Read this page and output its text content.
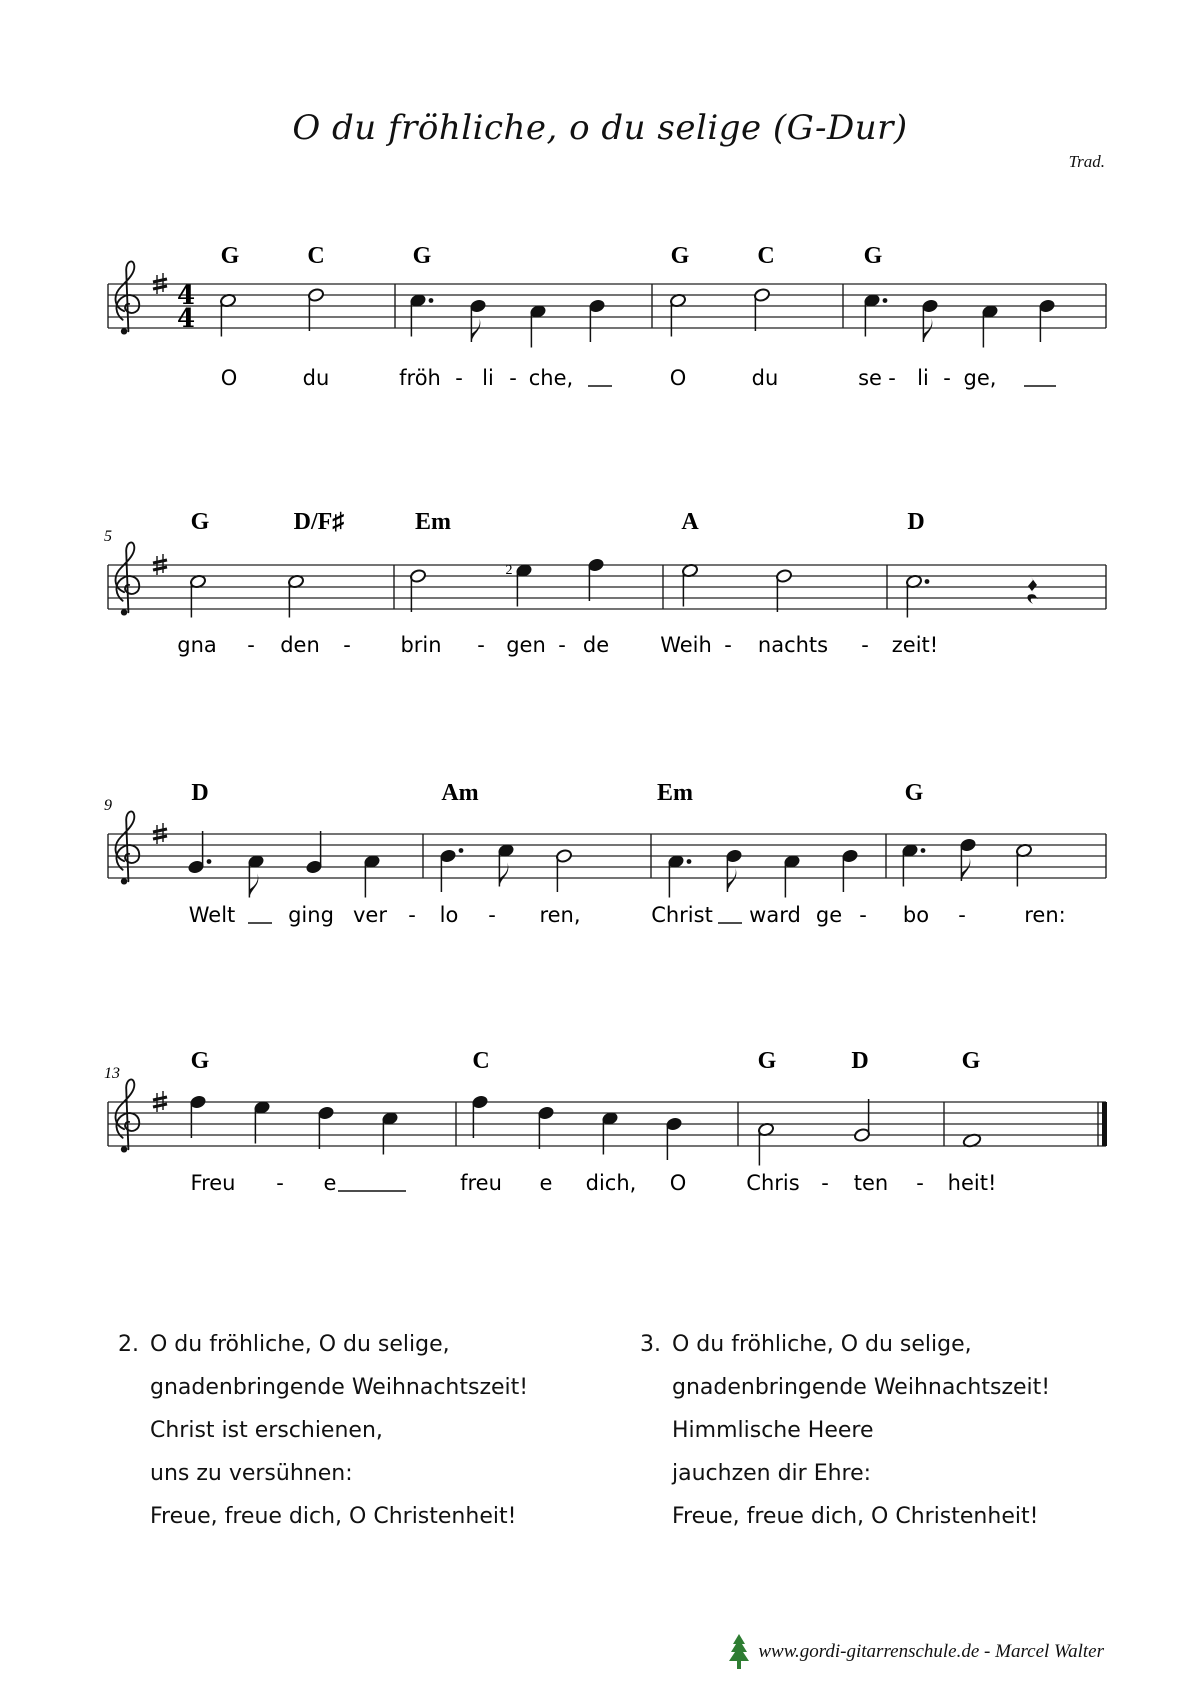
O du fröhliche, o du selige (G-Dur)
Trad.
4
4
G	C	G	G	C	G
O	du	fröh - li - che,	O	du	se - li - ge,
5
G	D/F♯	Em	A	D
gna - den - brin - gen - de Weih - nachts - zeit!
2
9	D	Am	Em	G
Welt	ging ver - lo - ren,	Christ ward ge - bo -	ren:
13	G	C	G	D	G
Freu - e	freu e dich, O	Chris - ten - heit!
2. O du fröhliche, O du selige,
gnadenbringende Weihnachtszeit!
Christ ist erschienen,
uns zu versühnen:
Freue, freue dich, O Christenheit!
3. O du fröhliche, O du selige,
gnadenbringende Weihnachtszeit!
Himmlische Heere
jauchzen dir Ehre:
Freue, freue dich, O Christenheit!
www.gordi-gitarrenschule.de - Marcel Walter
